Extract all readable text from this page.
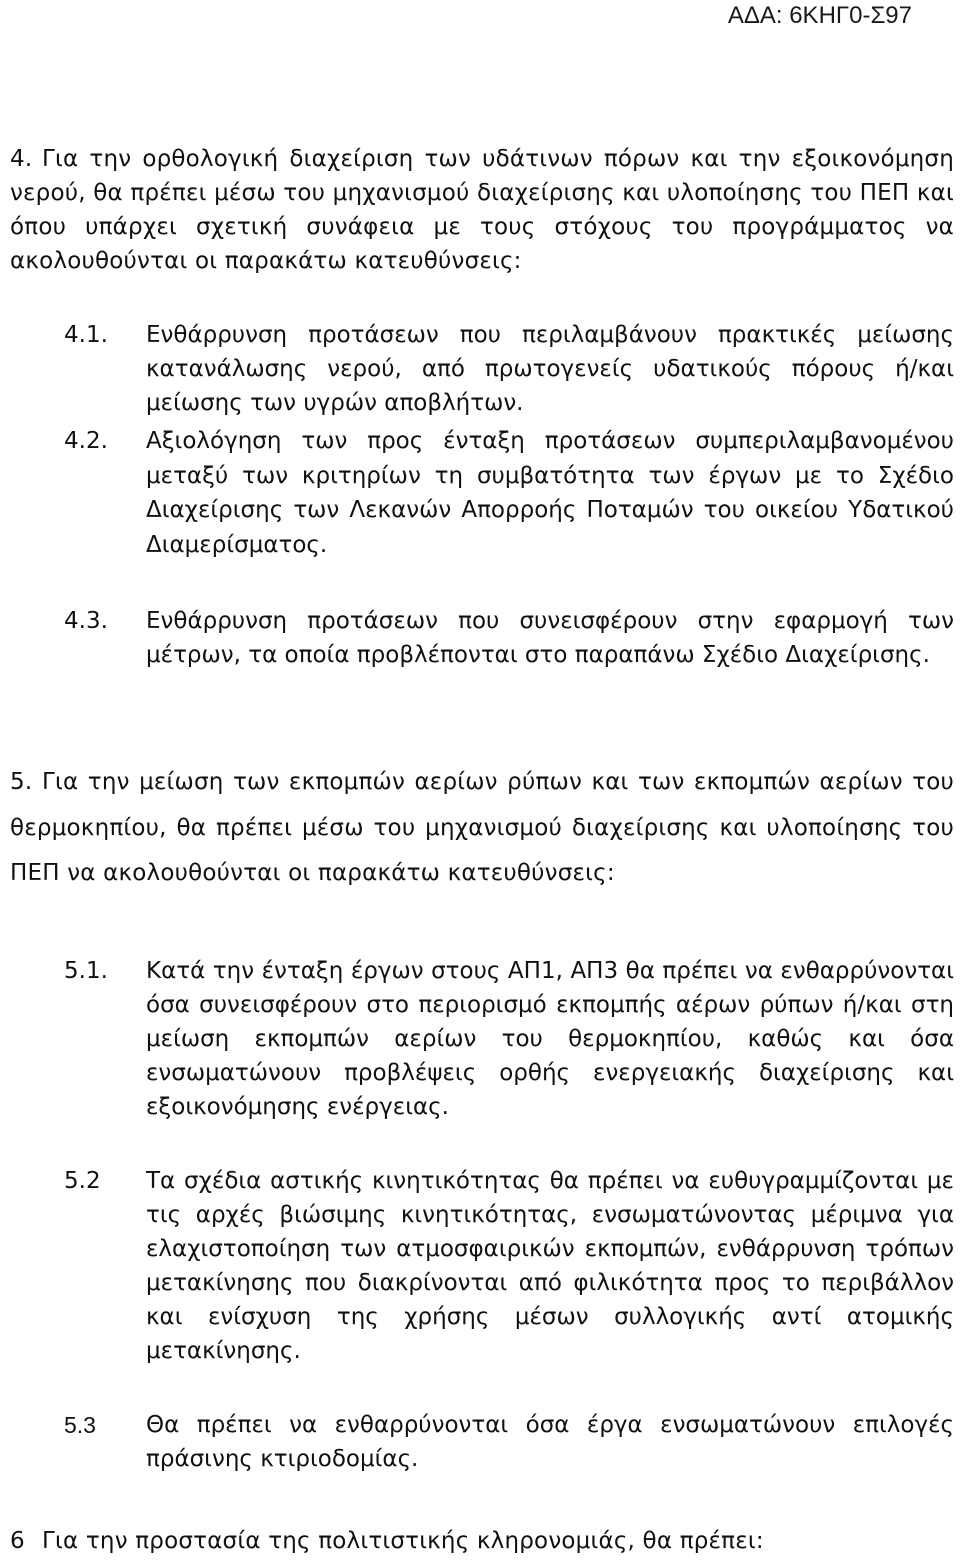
ΑΔΑ: 6ΚΗΓ0-Σ97
4. Για την ορθολογική διαχείριση των υδάτινων πόρων και την εξοικονόμηση νερού, θα πρέπει μέσω του μηχανισμού διαχείρισης και υλοποίησης του ΠΕΠ και όπου υπάρχει σχετική συνάφεια με τους στόχους του προγράμματος να ακολουθούνται οι παρακάτω κατευθύνσεις:
4.1. Ενθάρρυνση προτάσεων που περιλαμβάνουν πρακτικές μείωσης κατανάλωσης νερού, από πρωτογενείς υδατικούς πόρους ή/και μείωσης των υγρών αποβλήτων.
4.2. Αξιολόγηση των προς ένταξη προτάσεων συμπεριλαμβανομένου μεταξύ των κριτηρίων τη συμβατότητα των έργων με το Σχέδιο Διαχείρισης των Λεκανών Απορροής Ποταμών του οικείου Υδατικού Διαμερίσματος.
4.3. Ενθάρρυνση προτάσεων που συνεισφέρουν στην εφαρμογή των μέτρων, τα οποία προβλέπονται στο παραπάνω Σχέδιο Διαχείρισης.
5. Για την μείωση των εκπομπών αερίων ρύπων και των εκπομπών αερίων του θερμοκηπίου, θα πρέπει μέσω του μηχανισμού διαχείρισης και υλοποίησης του ΠΕΠ να ακολουθούνται οι παρακάτω κατευθύνσεις:
5.1. Κατά την ένταξη έργων στους ΑΠ1, ΑΠ3 θα πρέπει να ενθαρρύνονται όσα συνεισφέρουν στο περιορισμό εκπομπής αέρων ρύπων ή/και στη μείωση εκπομπών αερίων του θερμοκηπίου, καθώς και όσα ενσωματώνουν προβλέψεις ορθής ενεργειακής διαχείρισης και εξοικονόμησης ενέργειας.
5.2 Τα σχέδια αστικής κινητικότητας θα πρέπει να ευθυγραμμίζονται με τις αρχές βιώσιμης κινητικότητας, ενσωματώνοντας μέριμνα για ελαχιστοποίηση των ατμοσφαιρικών εκπομπών, ενθάρρυνση τρόπων μετακίνησης που διακρίνονται από φιλικότητα προς το περιβάλλον και ενίσχυση της χρήσης μέσων συλλογικής αντί ατομικής μετακίνησης.
5.3 Θα πρέπει να ενθαρρύνονται όσα έργα ενσωματώνουν επιλογές πράσινης κτιριοδομίας.
6 Για την προστασία της πολιτιστικής κληρονομιάς, θα πρέπει:
